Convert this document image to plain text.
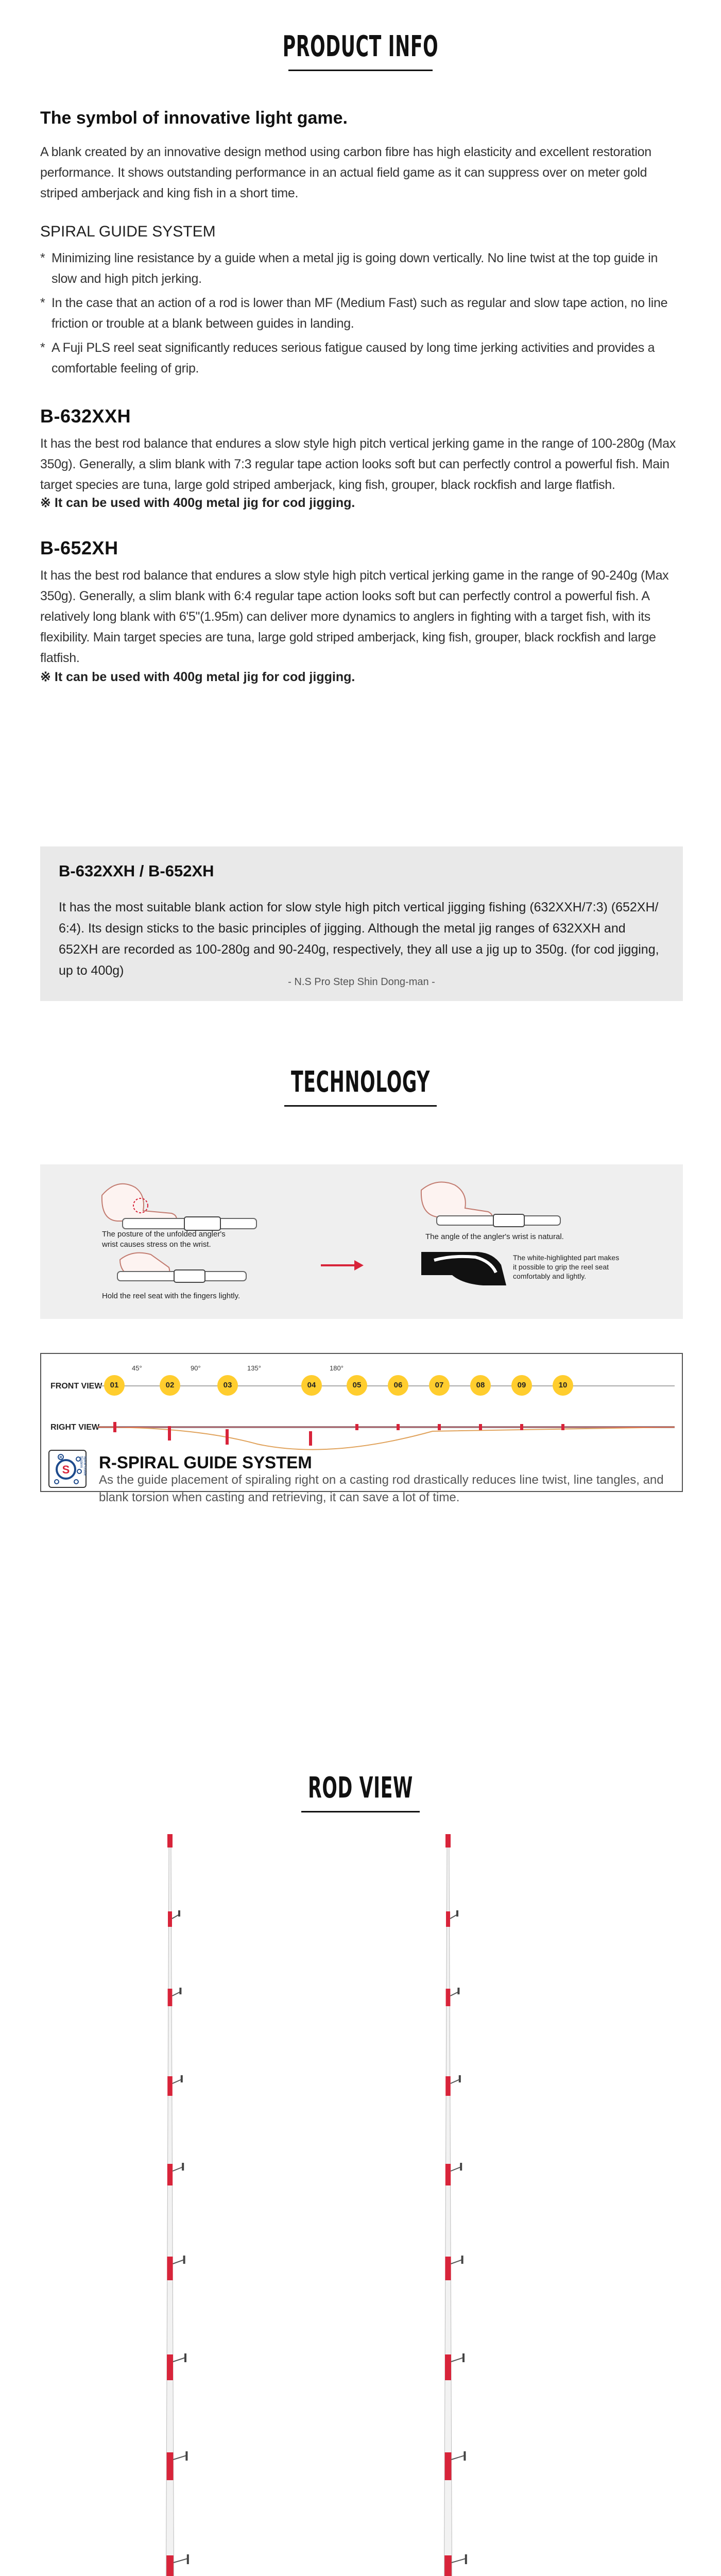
PRODUCT INFO
The symbol of innovative light game.
A blank created by an innovative design method using carbon fibre has high elasticity and excellent restoration performance. It shows outstanding performance in an actual field game as it can suppress over on meter gold striped amberjack and king fish in a short time.
SPIRAL GUIDE SYSTEM
* Minimizing line resistance by a guide when a metal jig is going down vertically. No line twist at the top guide in slow and high pitch jerking.
* In the case that an action of a rod is lower than MF (Medium Fast) such as regular and slow tape action, no line friction or trouble at a blank between guides in landing.
* A Fuji PLS reel seat significantly reduces serious fatigue caused by long time jerking activities and provides a comfortable feeling of grip.
B-632XXH
It has the best rod balance that endures a slow style high pitch vertical jerking game in the range of 100-280g (Max 350g). Generally, a slim blank with 7:3 regular tape action looks soft but can perfectly control a powerful fish. Main target species are tuna, large gold striped amberjack, king fish, grouper, black rockfish and large flatfish.
※ It can be used with 400g metal jig for cod jigging.
B-652XH
It has the best rod balance that endures a slow style high pitch vertical jerking game in the range of 90-240g (Max 350g). Generally, a slim blank with 6:4 regular tape action looks soft but can perfectly control a powerful fish. A relatively long blank with 6'5"(1.95m) can deliver more dynamics to anglers in fighting with a target fish, with its flexibility. Main target species are tuna, large gold striped amberjack, king fish, grouper, black rockfish and large flatfish.
※ It can be used with 400g metal jig for cod jigging.
B-632XXH / B-652XH
It has the most suitable blank action for slow style high pitch vertical jigging fishing (632XXH/7:3) (652XH/ 6:4). Its design sticks to the basic principles of jigging. Although the metal jig ranges of 632XXH and 652XH are recorded as 100-280g and 90-240g, respectively, they all use a jig up to 350g. (for cod jigging, up to 400g)
- N.S Pro Step Shin Dong-man -
TECHNOLOGY
The posture of the unfolded angler's wrist causes stress on the wrist.
Hold the reel seat with the fingers lightly.
The angle of the angler's wrist is natural.
The white-highlighted part makes it possible to grip the reel seat comfortably and lightly.
FRONT VIEW
RIGHT VIEW
01	02	03	04	05	06	07	08	09	10
45°	90°	135°	180°
S
R	Spiral Guide System R-SPIRAL GUIDE SYSTEM
As the guide placement of spiraling right on a casting rod drastically reduces line twist, line tangles, and blank torsion when casting and retrieving, it can save a lot of time.
ROD VIEW
